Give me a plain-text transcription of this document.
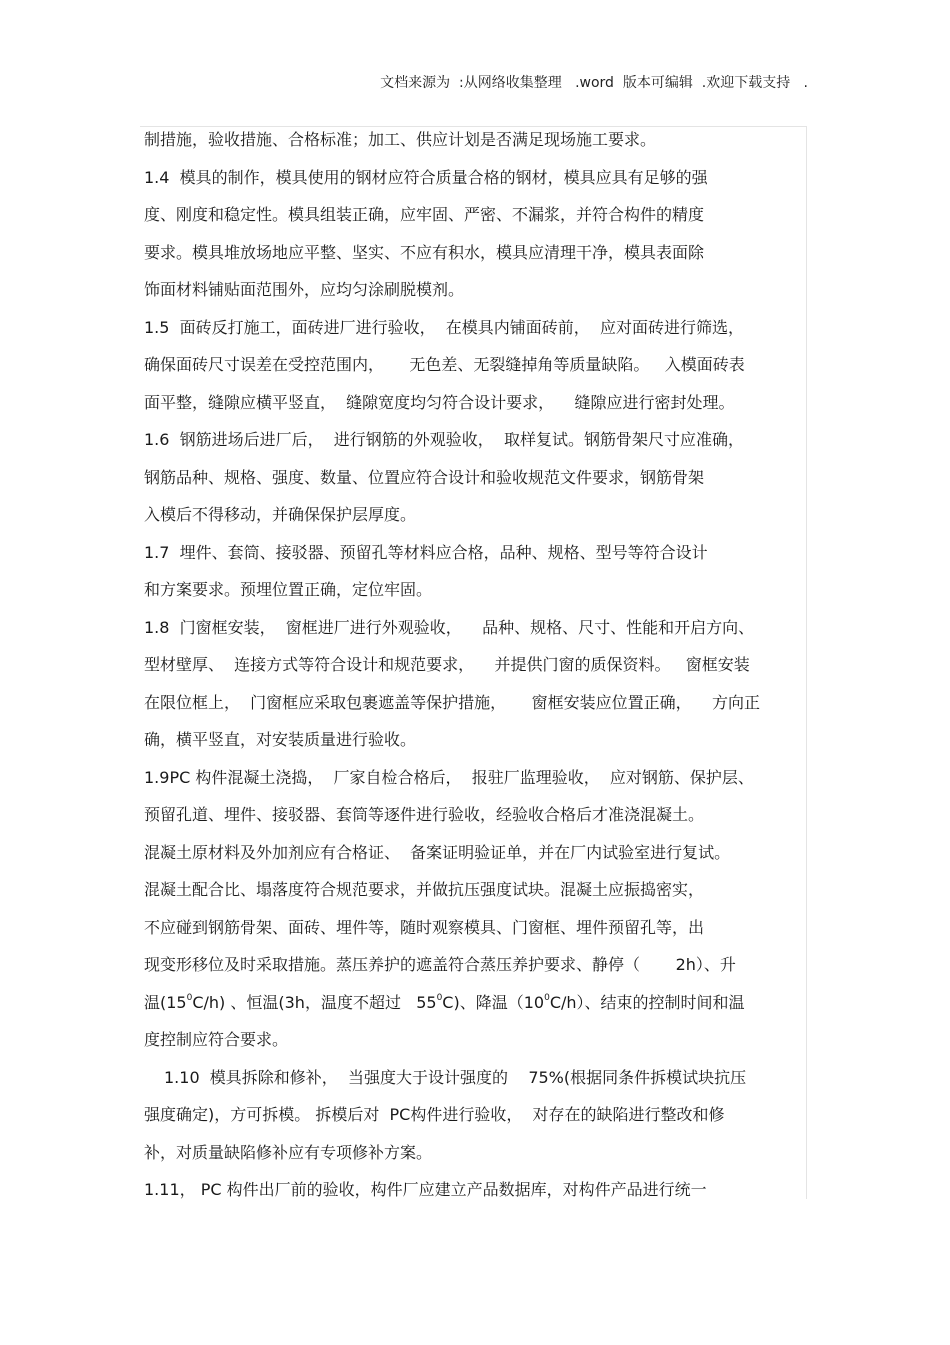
文档来源为  :从网络收集整理   .word  版本可编辑  .欢迎下载支持   .

制措施，验收措施、合格标准；加工、供应计划是否满足现场施工要求。

1.4  模具的制作，模具使用的钢材应符合质量合格的钢材，模具应具有足够的强

度、刚度和稳定性。模具组装正确，应牢固、严密、不漏浆，并符合构件的精度

要求。模具堆放场地应平整、坚实、不应有积水，模具应清理干净，模具表面除

饰面材料铺贴面范围外，应均匀涂刷脱模剂。

1.5  面砖反打施工，面砖进厂进行验收，  在模具内铺面砖前，  应对面砖进行筛选，

确保面砖尺寸误差在受控范围内，     无色差、无裂缝掉角等质量缺陷。   入模面砖表

面平整，缝隙应横平竖直，  缝隙宽度均匀符合设计要求，    缝隙应进行密封处理。

1.6  钢筋进场后进厂后，  进行钢筋的外观验收，  取样复试。钢筋骨架尺寸应准确，

钢筋品种、规格、强度、数量、位置应符合设计和验收规范文件要求，钢筋骨架

入模后不得移动，并确保保护层厚度。

1.7  埋件、套筒、接驳器、预留孔等材料应合格，品种、规格、型号等符合设计

和方案要求。预埋位置正确，定位牢固。

1.8  门窗框安装，  窗框进厂进行外观验收，    品种、规格、尺寸、性能和开启方向、

型材壁厚、  连接方式等符合设计和规范要求，    并提供门窗的质保资料。   窗框安装

在限位框上，  门窗框应采取包裹遮盖等保护措施，     窗框安装应位置正确，    方向正

确，横平竖直，对安装质量进行验收。

1.9PC 构件混凝土浇捣，  厂家自检合格后，  报驻厂监理验收，  应对钢筋、保护层、

预留孔道、埋件、接驳器、套筒等逐件进行验收，经验收合格后才准浇混凝土。

混凝土原材料及外加剂应有合格证、  备案证明验证单，并在厂内试验室进行复试。

混凝土配合比、塌落度符合规范要求，并做抗压强度试块。混凝土应振捣密实，

不应碰到钢筋骨架、面砖、埋件等，随时观察模具、门窗框、埋件预留孔等，出

现变形移位及时采取措施。蒸压养护的遮盖符合蒸压养护要求、静停（       2h）、升

温$(15^0C/h)$ 、恒温(3h，温度不超过   $55^0C$)、降温$(10^0C/h)$、结束的控制时间和温

度控制应符合要求。

1.10  模具拆除和修补，  当强度大于设计强度的    75%(根据同条件拆模试块抗压

强度确定)，方可拆模。 拆模后对  PC构件进行验收，  对存在的缺陷进行整改和修

补，对质量缺陷修补应有专项修补方案。

1.11， PC 构件出厂前的验收，构件厂应建立产品数据库，对构件产品进行统一
